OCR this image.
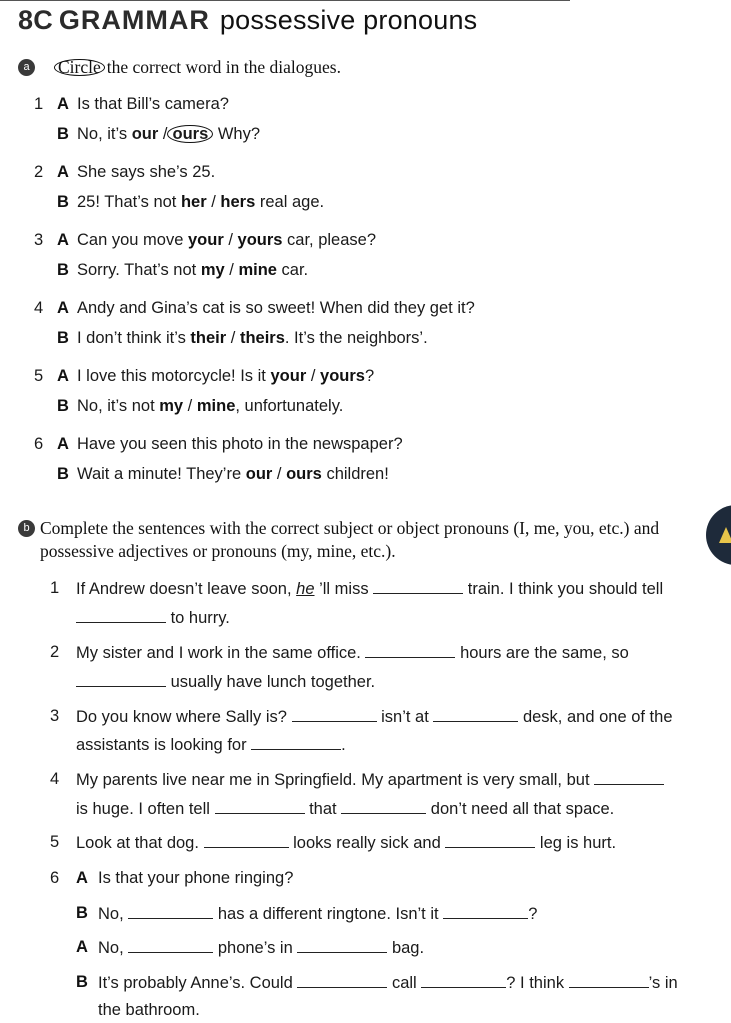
8C GRAMMAR possessive pronouns
a	Circle the correct word in the dialogues.
1 A Is that Bill’s camera?
B No, it’s our / ours Why?
2 A She says she’s 25.
B 25! That’s not her / hers real age.
3 A Can you move your / yours car, please?
B Sorry. That’s not my / mine car.
4 A Andy and Gina’s cat is so sweet! When did they get it?
B I don’t think it’s their / theirs. It’s the neighbors’.
5 A I love this motorcycle! Is it your / yours?
B No, it’s not my / mine, unfortunately.
6 A Have you seen this photo in the newspaper?
B Wait a minute! They’re our / ours children!
b Complete the sentences with the correct subject or object pronouns (I, me, you, etc.) and possessive adjectives or pronouns (my, mine, etc.).
1 If Andrew doesn’t leave soon, he ’ll miss	train. I think you should tell
to hurry.
2 My sister and I work in the same office.	hours are the same, so
usually have lunch together.
3 Do you know where Sally is?	isn’t at	desk, and one of the
assistants is looking for	.
4 My parents live near me in Springfield. My apartment is very small, but
is huge. I often tell	that	don’t need all that space.
5 Look at that dog.	looks really sick and	leg is hurt.
6 A Is that your phone ringing?
B No,	has a different ringtone. Isn’t it	?
A No,	phone’s in	bag.
B It’s probably Anne’s. Could	call	? I think	’s in
the bathroom.
